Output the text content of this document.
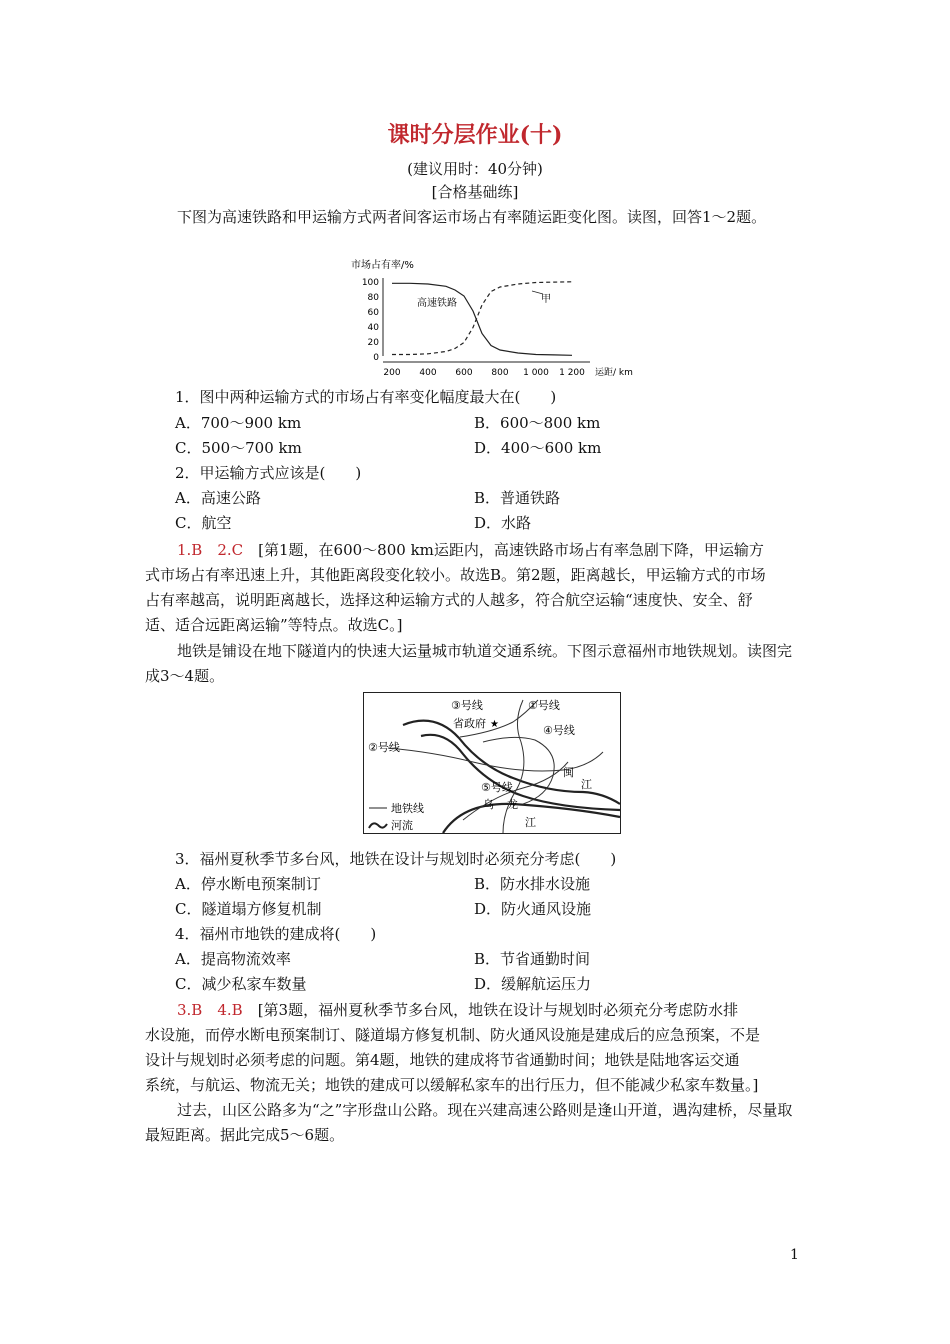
课时分层作业(十)
(建议用时：40分钟)
[合格基础练]
下图为高速铁路和甲运输方式两者间客运市场占有率随运距变化图。读图，回答1～2题。
市场占有率/%
100
80
60
40
20
0
200 400 600 800 1 000 1 200 运距/ km
高速铁路	甲
1．图中两种运输方式的市场占有率变化幅度最大在(　　)
A．700～900 km	B．600～800 km
C．500～700 km	D．400～600 km
2．甲运输方式应该是(　　)
A．高速公路	B．普通铁路
C．航空	D．水路
1.B　2.C　 [第1题，在600～800 km运距内，高速铁路市场占有率急剧下降，甲运输方
式市场占有率迅速上升，其他距离段变化较小。故选B。第2题，距离越长，甲运输方式的市场
占有率越高，说明距离越长，选择这种运输方式的人越多，符合航空运输“速度快、安全、舒
适、适合远距离运输”等特点。故选C。]
地铁是铺设在地下隧道内的快速大运量城市轨道交通系统。下图示意福州市地铁规划。读图完成3～4题。
③号线	①号线
省政府 ★	④号线
②号线
闽
江
⑤号线
乌 龙
江
地铁线
河流
3．福州夏秋季节多台风，地铁在设计与规划时必须充分考虑(　　)
A．停水断电预案制订	B．防水排水设施
C．隧道塌方修复机制	D．防火通风设施
4．福州市地铁的建成将(　　)
A．提高物流效率	B．节省通勤时间
C．减少私家车数量	D．缓解航运压力
3.B　4.B　 [第3题，福州夏秋季节多台风，地铁在设计与规划时必须充分考虑防水排
水设施，而停水断电预案制订、隧道塌方修复机制、防火通风设施是建成后的应急预案，不是
设计与规划时必须考虑的问题。第4题，地铁的建成将节省通勤时间；地铁是陆地客运交通
系统，与航运、物流无关；地铁的建成可以缓解私家车的出行压力，但不能减少私家车数量。]
过去，山区公路多为“之”字形盘山公路。现在兴建高速公路则是逢山开道，遇沟建桥，尽量取最短距离。据此完成5～6题。
1
